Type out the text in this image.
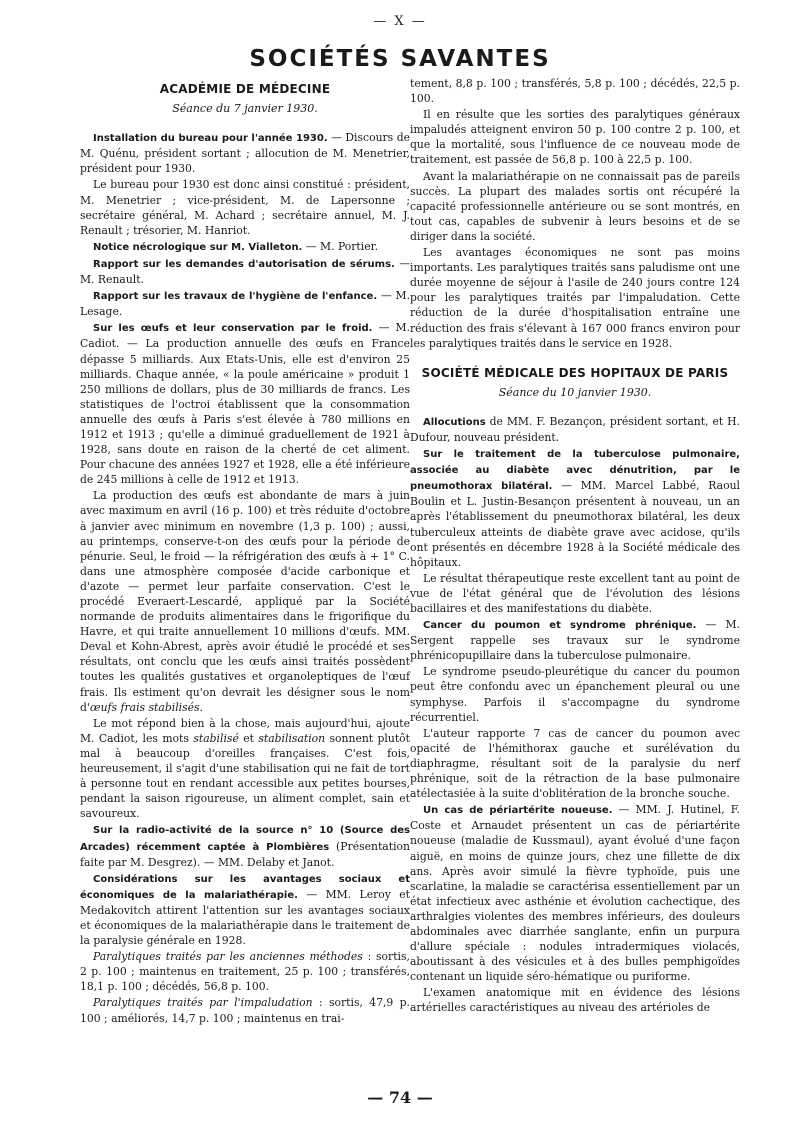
— X —
SOCIÉTÉS SAVANTES
ACADÉMIE DE MÉDECINE
Séance du 7 janvier 1930.

Installation du bureau pour l'année 1930. — Discours de M. Quénu, président sortant ; allocution de M. Menetrier, président pour 1930.

Le bureau pour 1930 est donc ainsi constitué : président, M. Menetrier ; vice-président, M. de Lapersonne ; secrétaire général, M. Achard ; secrétaire annuel, M. J. Renault ; trésorier, M. Hanriot.

Notice nécrologique sur M. Vialleton. — M. Portier.

Rapport sur les demandes d'autorisation de sérums. — M. Renault.

Rapport sur les travaux de l'hygiène de l'enfance. — M. Lesage.

Sur les œufs et leur conservation par le froid. — M. Cadiot. — La production annuelle des œufs en France dépasse 5 milliards. Aux Etats-Unis, elle est d'environ 25 milliards. Chaque année, « la poule américaine » produit 1 250 millions de dollars, plus de 30 milliards de francs. Les statistiques de l'octroi établissent que la consommation annuelle des œufs à Paris s'est élevée à 780 millions en 1912 et 1913 ; qu'elle a diminué graduellement de 1921 à 1928, sans doute en raison de la cherté de cet aliment. Pour chacune des années 1927 et 1928, elle a été inférieure de 245 millions à celle de 1912 et 1913.

La production des œufs est abondante de mars à juin avec maximum en avril (16 p. 100) et très réduite d'octobre à janvier avec minimum en novembre (1,3 p. 100) ; aussi, au printemps, conserve-t-on des œufs pour la période de pénurie. Seul, le froid — la réfrigération des œufs à + 1° C. dans une atmosphère composée d'acide carbonique et d'azote — permet leur parfaite conservation. C'est le procédé Everaert-Lescardé, appliqué par la Société normande de produits alimentaires dans le frigorifique du Havre, et qui traite annuellement 10 millions d'œufs. MM. Deval et Kohn-Abrest, après avoir étudié le procédé et ses résultats, ont conclu que les œufs ainsi traités possèdent toutes les qualités gustatives et organoleptiques de l'œuf frais. Ils estiment qu'on devrait les désigner sous le nom d'œufs frais stabilisés.

Le mot répond bien à la chose, mais aujourd'hui, ajoute M. Cadiot, les mots stabilisé et stabilisation sonnent plutôt mal à beaucoup d'oreilles françaises. C'est fois, heureusement, il s'agit d'une stabilisation qui ne fait de tort à personne tout en rendant accessible aux petites bourses, pendant la saison rigoureuse, un aliment complet, sain et savoureux.

Sur la radio-activité de la source n° 10 (Source des Arcades) récemment captée à Plombières (Présentation faite par M. Desgrez). — MM. Delaby et Janot.

Considérations sur les avantages sociaux et économiques de la malariathérapie. — MM. Leroy et Medakovitch attirent l'attention sur les avantages sociaux et économiques de la malariathérapie dans le traitement de la paralysie générale en 1928.

Paralytiques traités par les anciennes méthodes : sortis, 2 p. 100 ; maintenus en traitement, 25 p. 100 ; transférés, 18,1 p. 100 ; décédés, 56,8 p. 100.

Paralytiques traités par l'impaludation : sortis, 47,9 p. 100 ; améliorés, 14,7 p. 100 ; maintenus en trai-

tement, 8,8 p. 100 ; transférés, 5,8 p. 100 ; décédés, 22,5 p. 100.

Il en résulte que les sorties des paralytiques généraux impaludés atteignent environ 50 p. 100 contre 2 p. 100, et que la mortalité, sous l'influence de ce nouveau mode de traitement, est passée de 56,8 p. 100 à 22,5 p. 100.

Avant la malariathérapie on ne connaissait pas de pareils succès. La plupart des malades sortis ont récupéré la capacité professionnelle antérieure ou se sont montrés, en tout cas, capables de subvenir à leurs besoins et de se diriger dans la société.

Les avantages économiques ne sont pas moins importants. Les paralytiques traités sans paludisme ont une durée moyenne de séjour à l'asile de 240 jours contre 124 pour les paralytiques traités par l'impaludation. Cette réduction de la durée d'hospitalisation entraîne une réduction des frais s'élevant à 167 000 francs environ pour les paralytiques traités dans le service en 1928.

SOCIÉTÉ MÉDICALE DES HOPITAUX DE PARIS
Séance du 10 janvier 1930.

Allocutions de MM. F. Bezançon, président sortant, et H. Dufour, nouveau président.

Sur le traitement de la tuberculose pulmonaire, associée au diabète avec dénutrition, par le pneumothorax bilatéral. — MM. Marcel Labbé, Raoul Boulin et L. Justin-Besançon présentent à nouveau, un an après l'établissement du pneumothorax bilatéral, les deux tuberculeux atteints de diabète grave avec acidose, qu'ils ont présentés en décembre 1928 à la Société médicale des hôpitaux.

Le résultat thérapeutique reste excellent tant au point de vue de l'état général que de l'évolution des lésions bacillaires et des manifestations du diabète.

Cancer du poumon et syndrome phrénique. — M. Sergent rappelle ses travaux sur le syndrome phrénicopupillaire dans la tuberculose pulmonaire.

Le syndrome pseudo-pleurétique du cancer du poumon peut être confondu avec un épanchement pleural ou une symphyse. Parfois il s'accompagne du syndrome récurrentiel.

L'auteur rapporte 7 cas de cancer du poumon avec opacité de l'hémithorax gauche et surélévation du diaphragme, résultant soit de la paralysie du nerf phrénique, soit de la rétraction de la base pulmonaire atélectasiée à la suite d'oblitération de la bronche souche.

Un cas de périartérite noueuse. — MM. J. Hutinel, F. Coste et Arnaudet présentent un cas de périartérite noueuse (maladie de Kussmaul), ayant évolué d'une façon aiguë, en moins de quinze jours, chez une fillette de dix ans. Après avoir simulé la fièvre typhoïde, puis une scarlatine, la maladie se caractérisa essentiellement par un état infectieux avec asthénie et évolution cachectique, des arthralgies violentes des membres inférieurs, des douleurs abdominales avec diarrhée sanglante, enfin un purpura d'allure spéciale : nodules intradermiques violacés, aboutissant à des vésicules et à des bulles pemphigoïdes contenant un liquide séro-hématique ou puriforme.

L'examen anatomique mit en évidence des lésions artérielles caractéristiques au niveau des artérioles de

— 74 —
